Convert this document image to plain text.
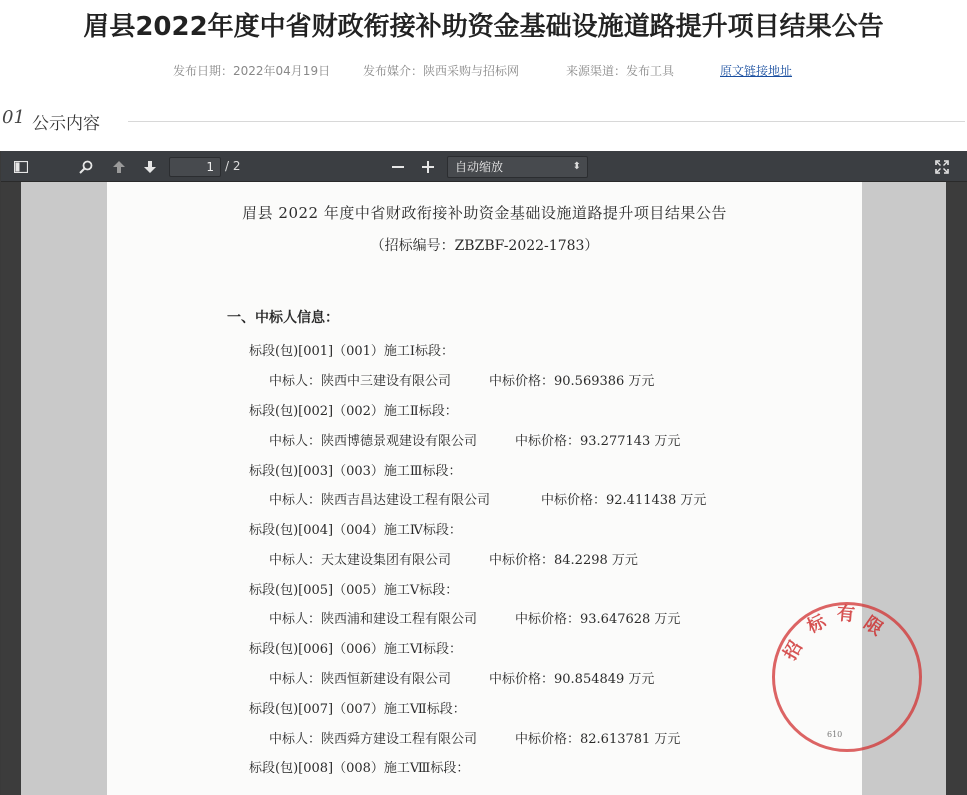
眉县2022年度中省财政衔接补助资金基础设施道路提升项目结果公告
发布日期：2022年04月19日	发布媒介：陕西采购与招标网	来源渠道：发布工具	原文链接地址
01 公示内容
1 / 2	自动缩放	⬍
眉县 2022 年度中省财政衔接补助资金基础设施道路提升项目结果公告
（招标编号：ZBZBF-2022-1783）
一、中标人信息：
标段(包)[001]（001）施工Ⅰ标段：
中标人：陕西中三建设有限公司	中标价格：90.569386 万元
标段(包)[002]（002）施工Ⅱ标段：
中标人：陕西博德景观建设有限公司	中标价格：93.277143 万元
标段(包)[003]（003）施工Ⅲ标段：
中标人：陕西吉昌达建设工程有限公司	中标价格：92.411438 万元
标段(包)[004]（004）施工Ⅳ标段：
中标人：天太建设集团有限公司	中标价格：84.2298 万元
标段(包)[005]（005）施工Ⅴ标段：
中标人：陕西浦和建设工程有限公司	中标价格：93.647628 万元
标段(包)[006]（006）施工Ⅵ标段：
中标人：陕西恒新建设有限公司	中标价格：90.854849 万元
标段(包)[007]（007）施工Ⅶ标段：
中标人：陕西舜方建设工程有限公司	中标价格：82.613781 万元
标段(包)[008]（008）施工Ⅷ标段：
招
标 有 限
610
